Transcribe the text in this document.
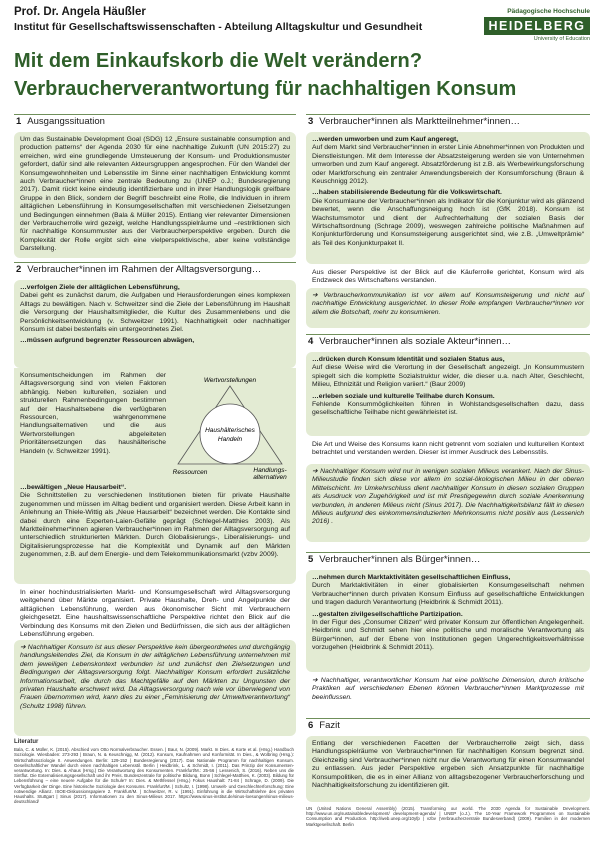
Prof. Dr. Angela Häußler
Institut für Gesellschaftswissenschaften - Abteilung Alltagskultur und Gesundheit
Mit dem Einkaufskorb die Welt verändern?
Verbraucherverantwortung für nachhaltigen Konsum
Pädagogische Hochschule
HEIDELBERG
University of Education
1 Ausgangssituation

Um das Sustainable Development Goal (SDG) 12 „Ensure sustainable consumption and production patterns“ der Agenda 2030 für eine nachhaltige Zukunft (UN 2015:27) zu erreichen, wird eine grundlegende Umsteuerung der Konsum- und Produktionsmuster gefordert, dafür sind alle relevanten Akteursgruppen angesprochen. Für den Wandel der Konsumgewohnheiten und Lebensstile im Sinne einer nachhaltigen Entwicklung kommt auch Verbraucher*innen eine zentrale Bedeutung zu (UNEP o.J.; Bundesregierung 2017). Damit rückt keine eindeutig identifizierbare und in ihrer Handlungslogik greifbare Gruppe in den Blick, sondern der Begriff beschreibt eine Rolle, die Individuen in ihrem alltäglichen Lebensführung in Konsumgesellschaften mit verschiedenen Zielsetzungen und Bedingungen einnehmen (Bala & Müller 2015). Entlang vier relevanter Dimensionen der Verbraucherrolle wird gezeigt, welche Handlungsspielräume und –restriktionen sich für nachhaltige Konsummuster aus der Verbraucherperspektive ergeben. Durch die Komplexität der Rolle ergibt sich eine vielperspektivische, aber keine vollständige Darstellung.

2 Verbraucher*innen im Rahmen der Alltagsversorgung…

…verfolgen Ziele der alltäglichen Lebensführung,
Dabei geht es zunächst darum, die Aufgaben und Herausforderungen eines komplexen Alltags zu bewältigen. Nach v. Schweitzer sind die Ziele der Lebensführung im Haushalt die Versorgung der Haushaltsmitglieder, die Kultur des Zusammenlebens und die Persönlichkeitsentwicklung (v. Schweitzer 1991). Nachhaltigkeit oder nachhaltiger Konsum ist dabei bestenfalls ein untergeordnetes Ziel.

…müssen aufgrund begrenzter Ressourcen abwägen,

Konsumentscheidungen im Rahmen der Alltagsversorgung sind von vielen Faktoren abhängig. Neben kulturellen, sozialen und strukturellen Rahmenbedingungen bestimmen auf der Haushaltsebene die verfügbaren Ressourcen, wahrgenommene Handlungsalternativen und die aus Wertvorstellungen abgeleiteten Prioritätensetzungen das haushälterische Handeln (v. Schweitzer 1991).

Wertvorstellungen
Haushälterisches
Handeln
Ressourcen	Handlungs-
alternativen

…bewältigen „Neue Hausarbeit“.
Die Schnittstellen zu verschiedenen Institutionen bieten für private Haushalte zugenommen und müssen im Alltag bedient und organisiert werden. Diese Arbeit kann in Anlehnung an Thiele-Wittig als „Neue Hausarbeit“ bezeichnet werden. Die Kontakte sind dabei durch eine Experten-Laien-Gefälle geprägt (Schlegel-Matthies 2003). Als Marktteilnehmer*innen agieren Verbraucher*innen im Rahmen der Alltagsversorgung auf unterschiedlich strukturierten Märkten. Durch Globalisierungs-, Liberalisierungs- und Digitalisierungsprozesse hat die Komplexität und Dynamik auf den Märkten zugenommen, z.B. auf dem Energie- und dem Telekommunikationsmarkt (vzbv 2009).

In einer hochindustrialisierten Markt- und Konsumgesellschaft wird Alltagsversorgung weitgehend über Märkte organisiert. Private Haushalte, Dreh- und Angelpunkte der alltäglichen Lebensführung, werden aus ökonomischer Sicht mit Verbrauchern gleichgesetzt. Eine haushaltswissenschaftliche Perspektive richtet den Blick auf die Verbindung des Konsums mit den Zielen und Bedürfnissen, die sich aus der alltäglichen Lebensführung ergeben.

➔ Nachhaltiger Konsum ist aus dieser Perspektive kein übergeordnetes und durchgängig handlungsleitendes Ziel, da Konsum in der alltäglichen Lebensführung unternehmen mit dem jeweiligen Lebenskontext verbunden ist und zunächst den Zielsetzungen und Bedingungen der Alltagsversorgung folgt. Nachhaltiger Konsum erfordert zusätzliche Informationsarbeit, die durch das Machtgefälle auf den Märkten zu Ungunsten der privaten Haushalte erschwert wird. Da Alltagsversorgung nach wie vor überwiegend von Frauen übernommen wird, kann dies zu einer „Feminisierung der Umweltverantwortung“ (Schultz 1998) führen.

Literatur
Bala, C. & Müller, K. (2015). Abschied vom Otto Normalverbraucher. Essen. | Baur, N. (2009). Markt. In Dies. & Korte et al. (Hrsg.) Handbuch Soziologie. Wiesbaden: 273-293 | Braun, N. & Keuschnigg, M. (2012). Konsum, Kaufnahmen und Konformität. In Dies., & Wolbring (Hrsg.): Wirtschaftssoziologie II. Anwendungen. Berlin: 129-152 | Bundesregierung (2017). Das Nationale Programm für nachhaltigen Konsum. Gesellschaftlicher Wandel durch einen nachhaltigen Lebensstil. Berlin | Heidbrink, L. & Schmidt, I. (2011). Das Prinzip der Konsumenten-verantwortung. In: Dies. & Ahaus (Hrsg.) Die Verantwortung des Konsumenten. Frankfurt/M.: 25-56 | Lessenich, S. (2016). Neben uns die Sintflut. Die Externalisierungsgesellschaft und ihr Preis. Bundeszentrale für politische Bildung, Bonn | Schlegel-Matthies, K. (2003). Bildung für Lebensführung – eine neuere Aufgabe für die Schule? In: Dies. & Methfessel (Hrsg.) Fokus Haushalt: 71-84 | Schrage, D. (2009). Die Verfügbarkeit der Dinge. Eine historische Soziologie des Konsums. Frankfurt/M. | Schultz, I. (1998). Umwelt- und Geschlechterforschung: Eine notwendige Allianz. ISOE-Diskussionspapiere 2. Frankfurt/M. | Schweitzer, R. v. (1991). Einführung in die Wirtschaftslehre des privaten Haushalts. Stuttgart | Sinus (2017). Informationen zu den Sinus-Milieus 2017. https://www.sinus-institut.de/sinus-loesungen/sinus-milieus-deutschland/
3 Verbraucher*innen als Marktteilnehmer*innen…

…werden umworben und zum Kauf angeregt,
Auf dem Markt sind Verbraucher*innen in erster Linie Abnehmer*innen von Produkten und Dienstleistungen. Mit dem Interesse der Absatzsteigerung werden sie von Unternehmen umworben und zum Kauf angeregt. Absatzförderung ist z.B. als Werbewirkungsforschung oder Marktforschung ein zentraler Anwendungsbereich der Konsumforschung (Braun & Keuschnigg 2012).

…haben stabilisierende Bedeutung für die Volkswirtschaft.
Die Konsumlaune der Verbraucher*innen als Indikator für die Konjunktur wird als glänzend bewertet, wenn die Anschaffungsneigung hoch ist (GfK 2018). Konsum ist Wachstumsmotor und dient der Aufrechterhaltung der sozialen Basis der Wirtschaftsordnung (Schrage 2009), weswegen zahlreiche politische Maßnahmen auf Konjunkturförderung und Konsumsteigerung ausgerichtet sind, wie z.B. „Umweltprämie“ als Teil des Konjunkturpaket II.

Aus dieser Perspektive ist der Blick auf die Käuferrolle gerichtet, Konsum wird als Endzweck des Wirtschaftens verstanden.

➔ Verbraucherkommunikation ist vor allem auf Konsumsteigerung und nicht auf nachhaltige Entwicklung ausgerichtet. In dieser Rolle empfangen Verbraucher*innen vor allem die Botschaft, mehr zu konsumieren.

4 Verbraucher*innen als soziale Akteur*innen…

…drücken durch Konsum Identität und sozialen Status aus,
Auf diese Weise wird die Verortung in der Gesellschaft angezeigt. „In Konsummustern spiegelt sich die komplette Sozialstruktur wider, die dieser u.a. nach Alter, Geschlecht, Milieu, Ethnizität und Religion variiert.“ (Baur 2009)

…erleben soziale und kulturelle Teilhabe durch Konsum.
Fehlende Konsummöglichkeiten führen in Wohlstandsgesellschaften dazu, dass gesellschaftliche Teilhabe nicht gewährleistet ist.

Die Art und Weise des Konsums kann nicht getrennt vom sozialen und kulturellen Kontext betrachtet und verstanden werden. Dieser ist immer Ausdruck des Lebensstils.

➔ Nachhaltiger Konsum wird nur in wenigen sozialen Milieus verankert. Nach der Sinus-Milieustudie finden sich diese vor allem im sozial-ökologischen Milieu in der oberen Mittelschicht. Im Umkehrschluss dient nachhaltiger Konsum in diesen sozialen Gruppen als Ausdruck von Zugehörigkeit und ist mit Prestigegewinn durch soziale Anerkennung verbunden, in anderen Milieus nicht (Sinus 2017). Die Nachhaltigkeitsbilanz fällt in diesen Milieus aufgrund des einkommensinduzierten Mehrkonsums nicht positiv aus (Lessenich 2016) .

5 Verbraucher*innen als Bürger*innen…

…nehmen durch Marktaktivitäten gesellschaftlichen Einfluss,
Durch Marktaktivitäten in einer globalisierten Konsumgesellschaft nehmen Verbraucher*innen durch privaten Konsum Einfluss auf gesellschaftliche Entwicklungen und tragen dadurch Verantwortung (Heidbrink & Schmidt 2011).

…gestalten zivilgesellschaftliche Partizipation.
In der Figur des „Consumer Citizen“ wird privater Konsum zur öffentlichen Angelegenheit. Heidbrink und Schmidt sehen hier eine politische und moralische Verantwortung als Bürger*innen, auf der Ebene von Institutionen gegen Ungerechtigkeitsverhältnisse vorzugehen (Heidbrink & Schmidt 2011).

➔ Nachhaltiger, verantwortlicher Konsum hat eine politische Dimension, durch kritische Praktiken auf verschiedenen Ebenen können Verbraucher*innen Marktprozesse mit beeinflussen.

6 Fazit

Entlang der verschiedenen Facetten der Verbraucherrolle zeigt sich, dass Handlungsspielräume von Verbraucher*innen für nachhaltigen Konsum begrenzt sind. Gleichzeitig sind Verbraucher*innen nicht nur die Verantwortung für einen Konsumwandel zu entlassen. Aus jeder Perspektive ergeben sich Ansatzpunkte für nachhaltige Konsumpolitiken, die es in einer Allianz von alltagsbezogener Verbraucherforschung und Nachhaltigkeitsforschung zu identifizieren gilt.

UN (United Nations General Assembly) (2015). Transforming our world. The 2030 Agenda for Sustainable Development. http://www.un.org/sustainabledevelopment/ development-agenda/ | UNEP (o.J.). The 10-Year Framework Programmes on Sustainable Consumption and Production. http://web.unep.org/10yfp | vzbv (Verbraucherzentrale Bundesverband) (2009). Familien in der modernen Marktgesellschaft. Berlin
